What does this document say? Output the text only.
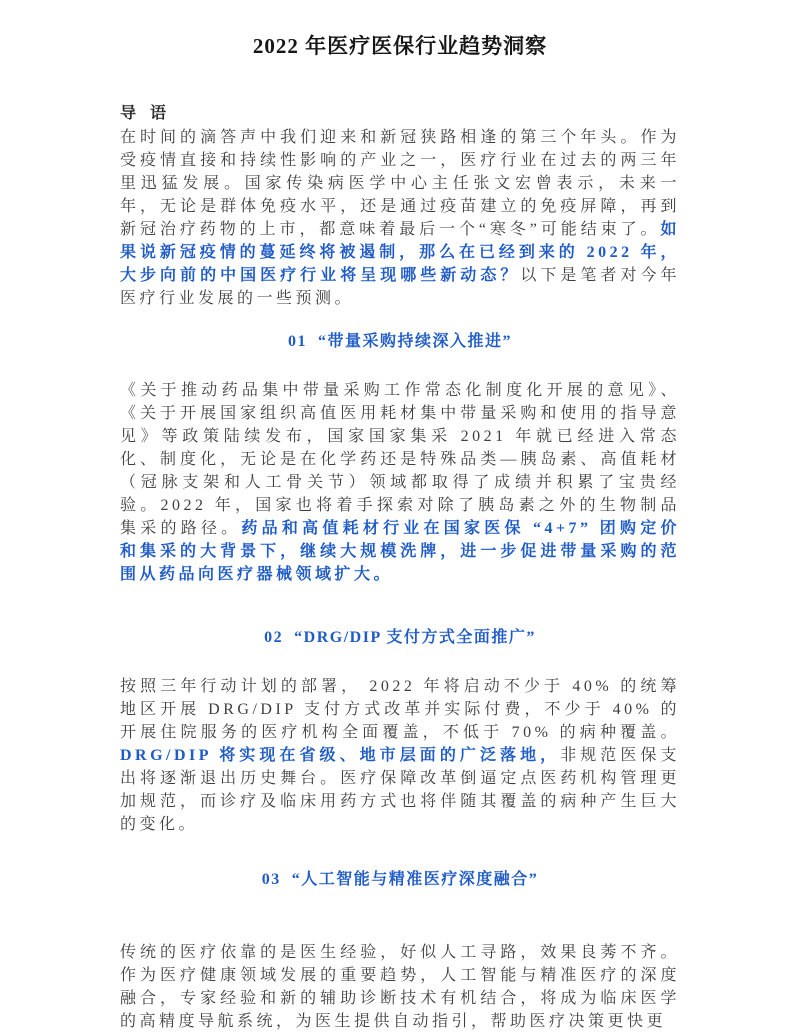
2022 年医疗医保行业趋势洞察
导 语

在时间的滴答声中我们迎来和新冠狭路相逢的第三个年头。作为受疫情直接和持续性影响的产业之一，医疗行业在过去的两三年里迅猛发展。国家传染病医学中心主任张文宏曾表示，未来一年，无论是群体免疫水平，还是通过疫苗建立的免疫屏障，再到新冠治疗药物的上市，都意味着最后一个“寒冬”可能结束了。如果说新冠疫情的蔓延终将被遏制，那么在已经到来的 2022 年，大步向前的中国医疗行业将呈现哪些新动态？以下是笔者对今年医疗行业发展的一些预测。

01  “带量采购持续深入推进”

《关于推动药品集中带量采购工作常态化制度化开展的意见》、《关于开展国家组织高值医用耗材集中带量采购和使用的指导意见》等政策陆续发布，国家国家集采 2021 年就已经进入常态化、制度化，无论是在化学药还是特殊品类—胰岛素、高值耗材（冠脉支架和人工骨关节）领域都取得了成绩并积累了宝贵经验。2022 年，国家也将着手探索对除了胰岛素之外的生物制品集采的路径。药品和高值耗材行业在国家医保 “4+7” 团购定价和集采的大背景下，继续大规模洗牌，进一步促进带量采购的范围从药品向医疗器械领域扩大。

02  “DRG/DIP 支付方式全面推广”

按照三年行动计划的部署， 2022 年将启动不少于 40% 的统筹地区开展 DRG/DIP 支付方式改革并实际付费，不少于 40% 的开展住院服务的医疗机构全面覆盖，不低于 70% 的病种覆盖。DRG/DIP 将实现在省级、地市层面的广泛落地，非规范医保支出将逐渐退出历史舞台。医疗保障改革倒逼定点医药机构管理更加规范，而诊疗及临床用药方式也将伴随其覆盖的病种产生巨大的变化。

03  “人工智能与精准医疗深度融合”

传统的医疗依靠的是医生经验，好似人工寻路，效果良莠不齐。作为医疗健康领域发展的重要趋势，人工智能与精准医疗的深度融合，专家经验和新的辅助诊断技术有机结合，将成为临床医学的高精度导航系统，为医生提供自动指引，帮助医疗决策更快更
